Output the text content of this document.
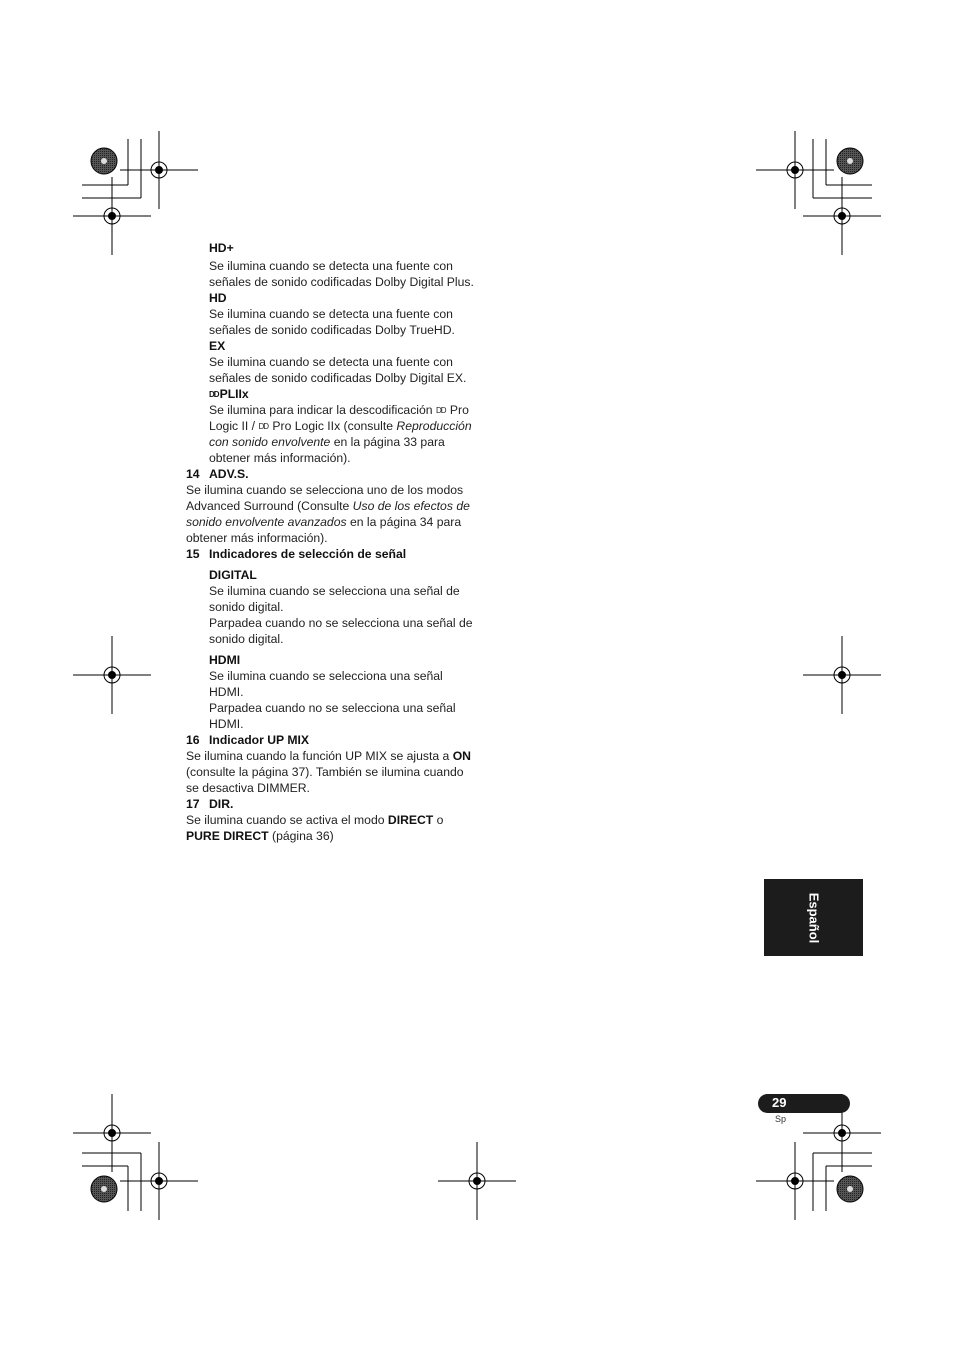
HD+

Se ilumina cuando se detecta una fuente con señales de sonido codificadas Dolby Digital Plus.

HD

Se ilumina cuando se detecta una fuente con señales de sonido codificadas Dolby TrueHD.

EX

Se ilumina cuando se detecta una fuente con señales de sonido codificadas Dolby Digital EX.

DDPLIIx

Se ilumina para indicar la descodificación DD Pro Logic II / DD Pro Logic IIx (consulte Reproducción con sonido envolvente en la página 33 para obtener más información).

14 ADV.S.

Se ilumina cuando se selecciona uno de los modos Advanced Surround (Consulte Uso de los efectos de sonido envolvente avanzados en la página 34 para obtener más información).

15 Indicadores de selección de señal

DIGITAL

Se ilumina cuando se selecciona una señal de sonido digital.

Parpadea cuando no se selecciona una señal de sonido digital.

HDMI

Se ilumina cuando se selecciona una señal HDMI.

Parpadea cuando no se selecciona una señal HDMI.

16 Indicador UP MIX

Se ilumina cuando la función UP MIX se ajusta a ON (consulte la página 37). También se ilumina cuando se desactiva DIMMER.

17 DIR.

Se ilumina cuando se activa el modo DIRECT o PURE DIRECT (página 36)

Español
29
Sp
